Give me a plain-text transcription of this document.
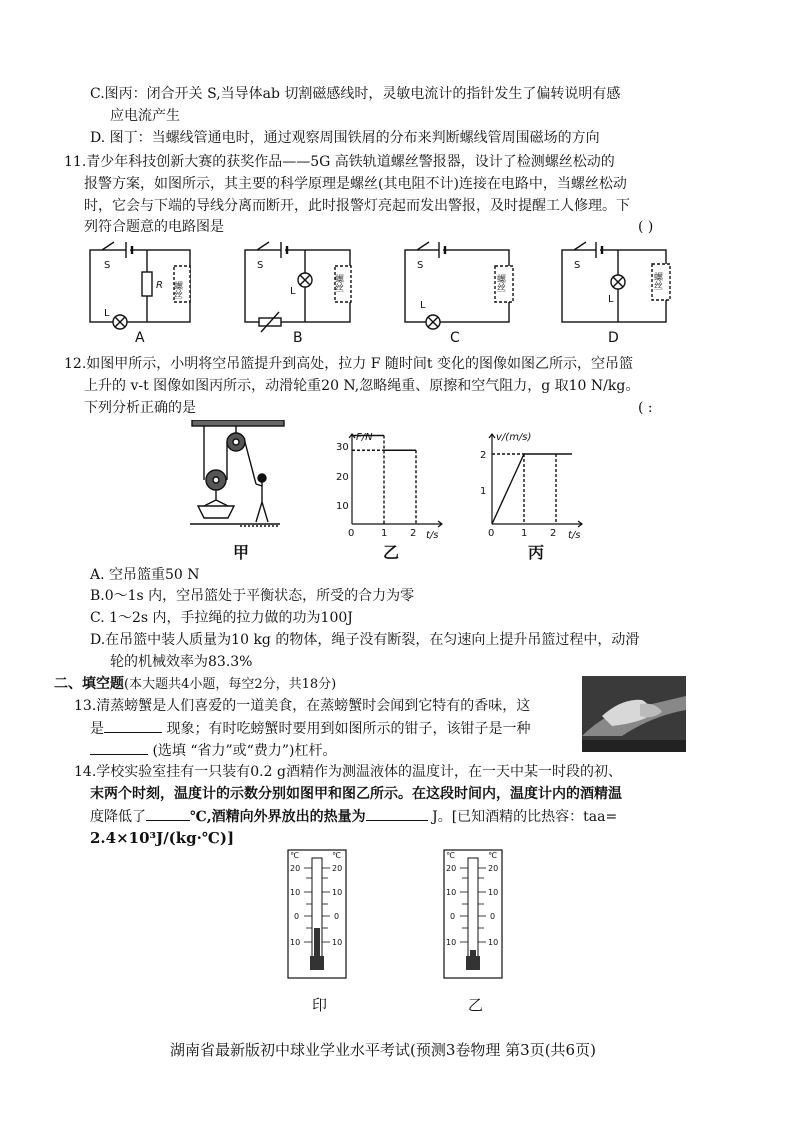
C.图丙：闭合开关 S,当导体ab 切割磁感线时，灵敏电流计的指针发生了偏转说明有感
应电流产生
D. 图丁：当螺线管通电时，通过观察周围铁屑的分布来判断螺线管周围磁场的方向
11.青少年科技创新大赛的获奖作品——5G 高铁轨道螺丝警报器，设计了检测螺丝松动的
报警方案，如图所示，其主要的科学原理是螺丝(其电阻不计)连接在电路中，当螺丝松动
时，它会与下端的导线分离而断开，此时报警灯亮起而发出警报，及时提醒工人修理。下
列符合题意的电路图是	( )
S
R
L
螺丝
S
L	螺丝
S
L
螺丝
S
L
螺丝
A	B	C	D
12.如图甲所示，小明将空吊篮提升到高处，拉力 F 随时间t 变化的图像如图乙所示，空吊篮
上升的 v-t 图像如图丙所示，动滑轮重20 N,忽略绳重、原擦和空气阻力，g 取10 N/kg。
下列分析正确的是	( :
甲
F/N
t/s
30
20
10
0	1 2
乙
v/(m/s)
t/s
2
1
0	1 2
丙
A. 空吊篮重50 N
B.0～1s 内，空吊篮处于平衡状态，所受的合力为零
C. 1～2s 内，手拉绳的拉力做的功为100J
D.在吊篮中装人质量为10 kg 的物体，绳子没有断裂，在匀速向上提升吊篮过程中，动滑
轮的机械效率为83.3%
二、填空题(本大题共4小题，每空2分，共18分)
13.清蒸螃蟹是人们喜爱的一道美食，在蒸螃蟹时会闻到它特有的香味，这
是	现象；有时吃螃蟹时要用到如图所示的钳子，该钳子是一种
(选填 “省力”或“费力”)杠杆。
14.学校实验室挂有一只装有0.2 g酒精作为测温液体的温度计，在一天中某一时段的初、
末两个时刻，温度计的示数分别如图甲和图乙所示。在这段时间内，温度计内的酒精温
度降低了	℃,酒精向外界放出的热量为	J。[已知酒精的比热容：taa=
2.4×10³J/(kg·℃)]
℃	℃
20	20
10	10
0	0
10	10
℃	℃
20	20
10	10
0	0
10	10
印	乙
湖南省最新版初中球业学业水平考试(预测3卷物理 第3页(共6页)
